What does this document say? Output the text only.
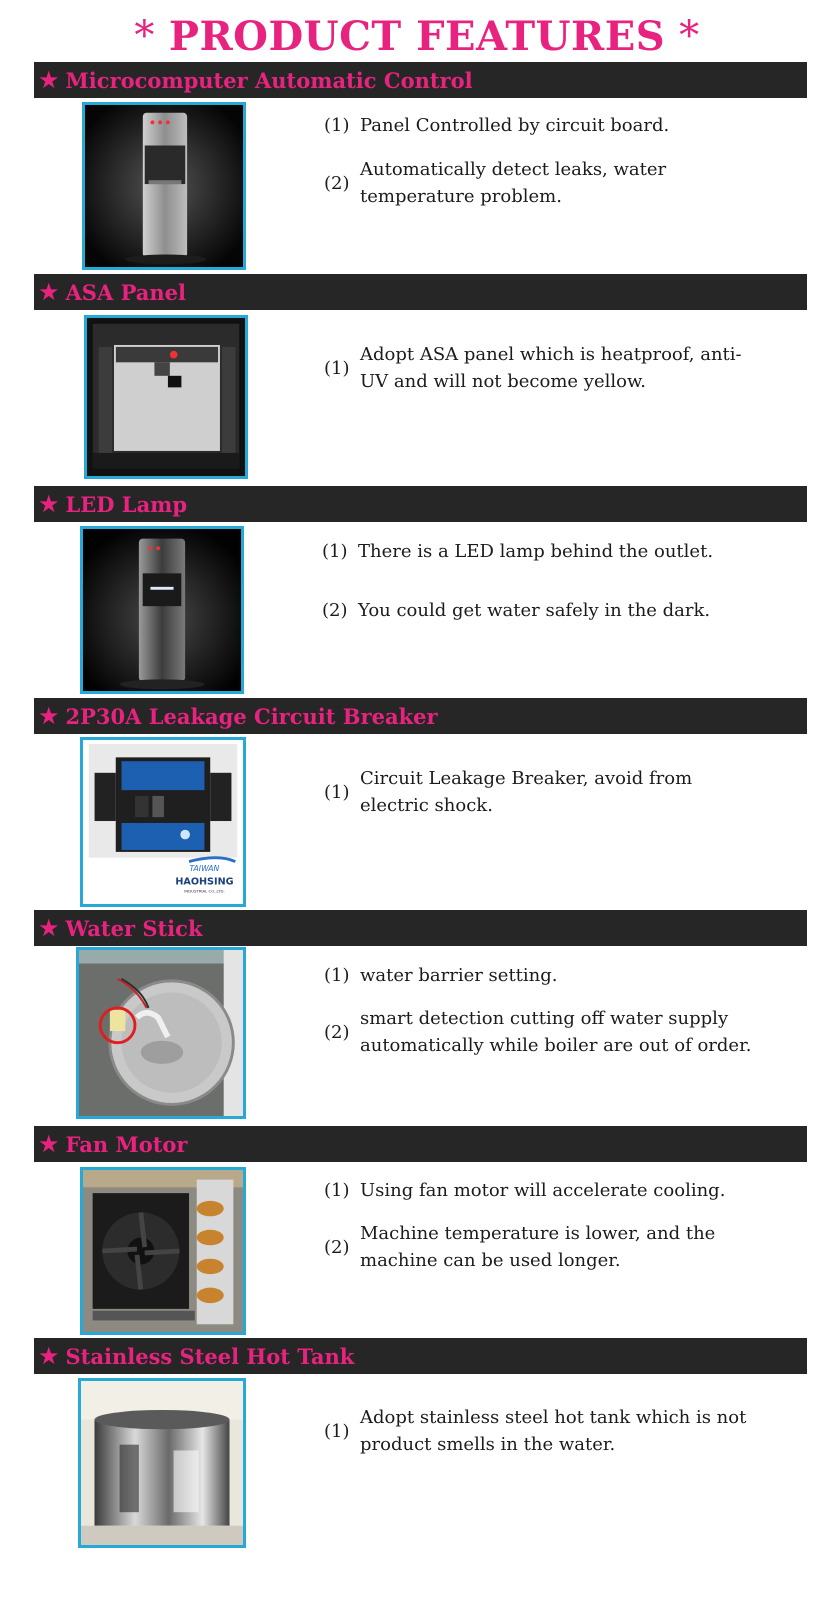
* PRODUCT FEATURES *
★ Microcomputer Automatic Control
(1) Panel Controlled by circuit board.
(2)
Automatically detect leaks, water temperature problem.
★ ASA Panel
(1)
Adopt ASA panel which is heatproof, anti-UV and will not become yellow.
★ LED Lamp
(1) There is a LED lamp behind the outlet.
(2) You could get water safely in the dark.
★ 2P30A Leakage Circuit Breaker
TAIWAN
HAOHSING
INDUSTRIAL CO.,LTD.
(1)
Circuit Leakage Breaker, avoid from electric shock.
★ Water Stick
(1) water barrier setting.
(2)
smart detection cutting off water supply automatically while boiler are out of order.
★ Fan Motor
(1) Using fan motor will accelerate cooling.
(2)
Machine temperature is lower, and the machine can be used longer.
★ Stainless Steel Hot Tank
(1)
Adopt stainless steel hot tank which is not product smells in the water.
